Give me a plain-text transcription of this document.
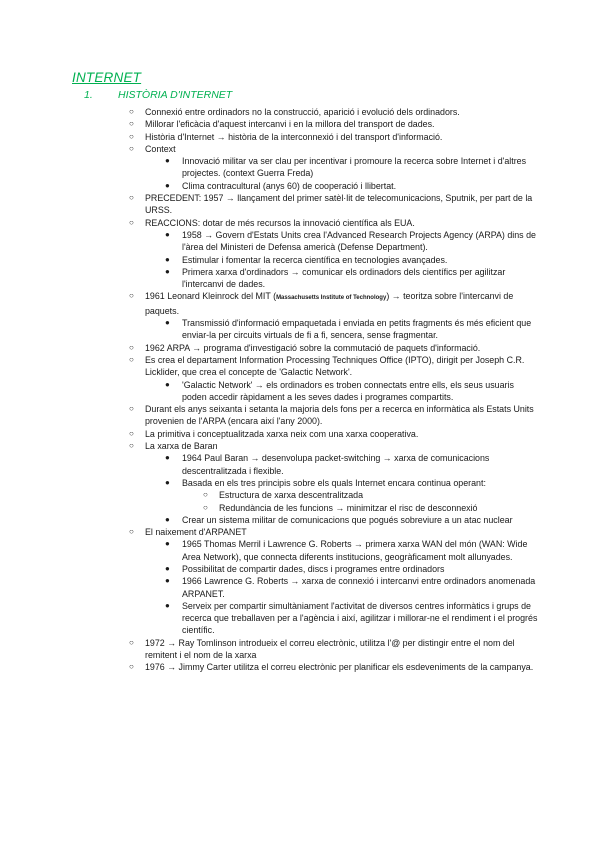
INTERNET
1. HISTÒRIA D'INTERNET
○ Connexió entre ordinadors no la construcció, aparició i evolució dels ordinadors.
○ Millorar l'eficàcia d'aquest intercanvi i en la millora del transport de dades.
○ Història d'Internet → història de la interconnexió i del transport d'informació.
○ Context
● Innovació militar va ser clau per incentivar i promoure la recerca sobre Internet i d'altres projectes. (context Guerra Freda)
● Clima contracultural (anys 60) de cooperació i llibertat.
○ PRECEDENT: 1957 → llançament del primer satèl·lit de telecomunicacions, Sputnik, per part de la URSS.
○ REACCIONS: dotar de més recursos la innovació científica als EUA.
● 1958 → Govern d'Estats Units crea l'Advanced Research Projects Agency (ARPA) dins de l'àrea del Ministeri de Defensa americà (Defense Department).
● Estimular i fomentar la recerca científica en tecnologies avançades.
● Primera xarxa d'ordinadors → comunicar els ordinadors dels científics per agilitzar l'intercanvi de dades.
○ 1961 Leonard Kleinrock del MIT (Massachusetts Institute of Technology) → teoritza sobre l'intercanvi de paquets.
● Transmissió d'informació empaquetada i enviada en petits fragments és més eficient que enviar-la per circuits virtuals de fi a fi, sencera, sense fragmentar.
○ 1962 ARPA → programa d'investigació sobre la commutació de paquets d'informació.
○ Es crea el departament Information Processing Techniques Office (IPTO), dirigit per Joseph C.R. Licklider, que crea el concepte de 'Galactic Network'.
● 'Galactic Network' → els ordinadors es troben connectats entre ells, els seus usuaris poden accedir ràpidament a les seves dades i programes compartits.
○ Durant els anys seixanta i setanta la majoria dels fons per a recerca en informàtica als Estats Units provenien de l'ARPA (encara així l'any 2000).
○ La primitiva i conceptualitzada xarxa neix com una xarxa cooperativa.
○ La xarxa de Baran
● 1964 Paul Baran → desenvolupa packet-switching → xarxa de comunicacions descentralitzada i flexible.
● Basada en els tres principis sobre els quals Internet encara continua operant:
○ Estructura de xarxa descentralitzada
○ Redundància de les funcions → minimitzar el risc de desconnexió
● Crear un sistema militar de comunicacions que pogués sobreviure a un atac nuclear
○ El naixement d'ARPANET
● 1965 Thomas Merril i Lawrence G. Roberts → primera xarxa WAN del món (WAN: Wide Area Network), que connecta diferents institucions, geogràficament molt allunyades.
● Possibilitat de compartir dades, discs i programes entre ordinadors
● 1966 Lawrence G. Roberts → xarxa de connexió i intercanvi entre ordinadors anomenada ARPANET.
● Serveix per compartir simultàniament l'activitat de diversos centres informàtics i grups de recerca que treballaven per a l'agència i així, agilitzar i millorar-ne el rendiment i el progrés científic.
○ 1972 → Ray Tomlinson introdueix el correu electrònic, utilitza l'@ per distingir entre el nom del remitent i el nom de la xarxa
○ 1976 → Jimmy Carter utilitza el correu electrònic per planificar els esdeveniments de la campanya.
